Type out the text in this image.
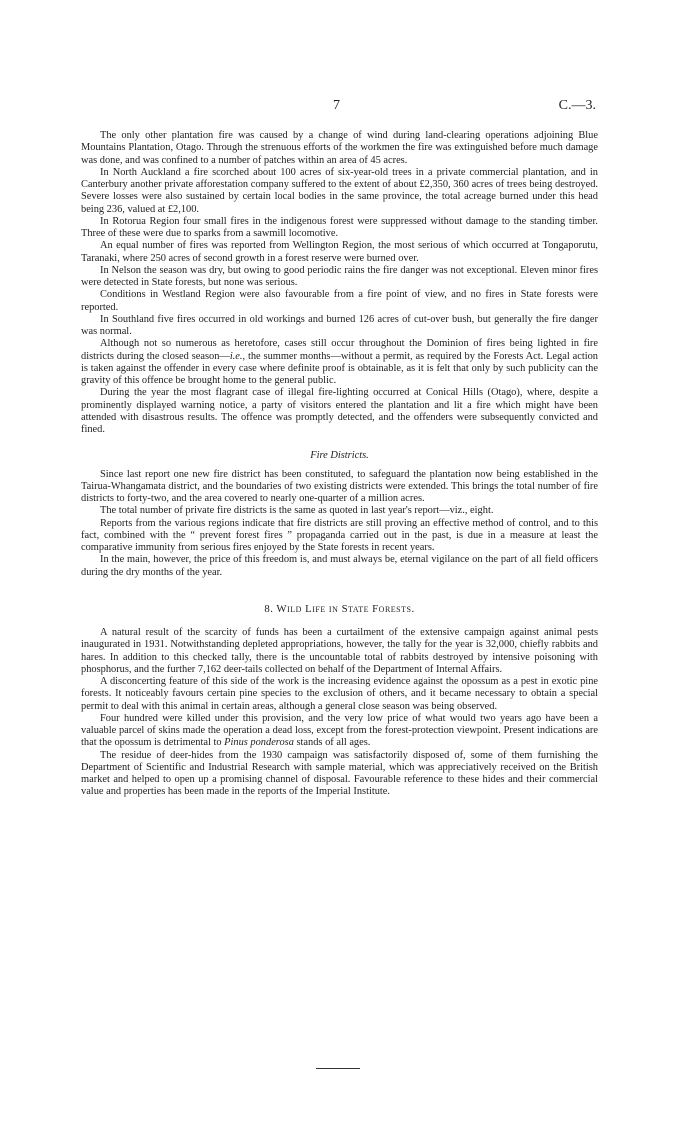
7	C.—3.

The only other plantation fire was caused by a change of wind during land-clearing operations adjoining Blue Mountains Plantation, Otago. Through the strenuous efforts of the workmen the fire was extinguished before much damage was done, and was confined to a number of patches within an area of 45 acres.

In North Auckland a fire scorched about 100 acres of six-year-old trees in a private commercial plantation, and in Canterbury another private afforestation company suffered to the extent of about £2,350, 360 acres of trees being destroyed. Severe losses were also sustained by certain local bodies in the same province, the total acreage burned under this head being 236, valued at £2,100.

In Rotorua Region four small fires in the indigenous forest were suppressed without damage to the standing timber. Three of these were due to sparks from a sawmill locomotive.

An equal number of fires was reported from Wellington Region, the most serious of which occurred at Tongaporutu, Taranaki, where 250 acres of second growth in a forest reserve were burned over.

In Nelson the season was dry, but owing to good periodic rains the fire danger was not exceptional. Eleven minor fires were detected in State forests, but none was serious.

Conditions in Westland Region were also favourable from a fire point of view, and no fires in State forests were reported.

In Southland five fires occurred in old workings and burned 126 acres of cut-over bush, but generally the fire danger was normal.

Although not so numerous as heretofore, cases still occur throughout the Dominion of fires being lighted in fire districts during the closed season—i.e., the summer months—without a permit, as required by the Forests Act. Legal action is taken against the offender in every case where definite proof is obtainable, as it is felt that only by such publicity can the gravity of this offence be brought home to the general public.

During the year the most flagrant case of illegal fire-lighting occurred at Conical Hills (Otago), where, despite a prominently displayed warning notice, a party of visitors entered the plantation and lit a fire which might have been attended with disastrous results. The offence was promptly detected, and the offenders were subsequently convicted and fined.

Fire Districts.

Since last report one new fire district has been constituted, to safeguard the plantation now being established in the Tairua-Whangamata district, and the boundaries of two existing districts were extended. This brings the total number of fire districts to forty-two, and the area covered to nearly one-quarter of a million acres.

The total number of private fire districts is the same as quoted in last year's report—viz., eight.

Reports from the various regions indicate that fire districts are still proving an effective method of control, and to this fact, combined with the “ prevent forest fires ” propaganda carried out in the past, is due in a measure at least the comparative immunity from serious fires enjoyed by the State forests in recent years.

In the main, however, the price of this freedom is, and must always be, eternal vigilance on the part of all field officers during the dry months of the year.

8. Wild Life in State Forests.

A natural result of the scarcity of funds has been a curtailment of the extensive campaign against animal pests inaugurated in 1931. Notwithstanding depleted appropriations, however, the tally for the year is 32,000, chiefly rabbits and hares. In addition to this checked tally, there is the uncountable total of rabbits destroyed by intensive poisoning with phosphorus, and the further 7,162 deer-tails collected on behalf of the Department of Internal Affairs.

A disconcerting feature of this side of the work is the increasing evidence against the opossum as a pest in exotic pine forests. It noticeably favours certain pine species to the exclusion of others, and it became necessary to obtain a special permit to deal with this animal in certain areas, although a general close season was being observed.

Four hundred were killed under this provision, and the very low price of what would two years ago have been a valuable parcel of skins made the operation a dead loss, except from the forest-protection viewpoint. Present indications are that the opossum is detrimental to Pinus ponderosa stands of all ages.

The residue of deer-hides from the 1930 campaign was satisfactorily disposed of, some of them furnishing the Department of Scientific and Industrial Research with sample material, which was appreciatively received on the British market and helped to open up a promising channel of disposal. Favourable reference to these hides and their commercial value and properties has been made in the reports of the Imperial Institute.
